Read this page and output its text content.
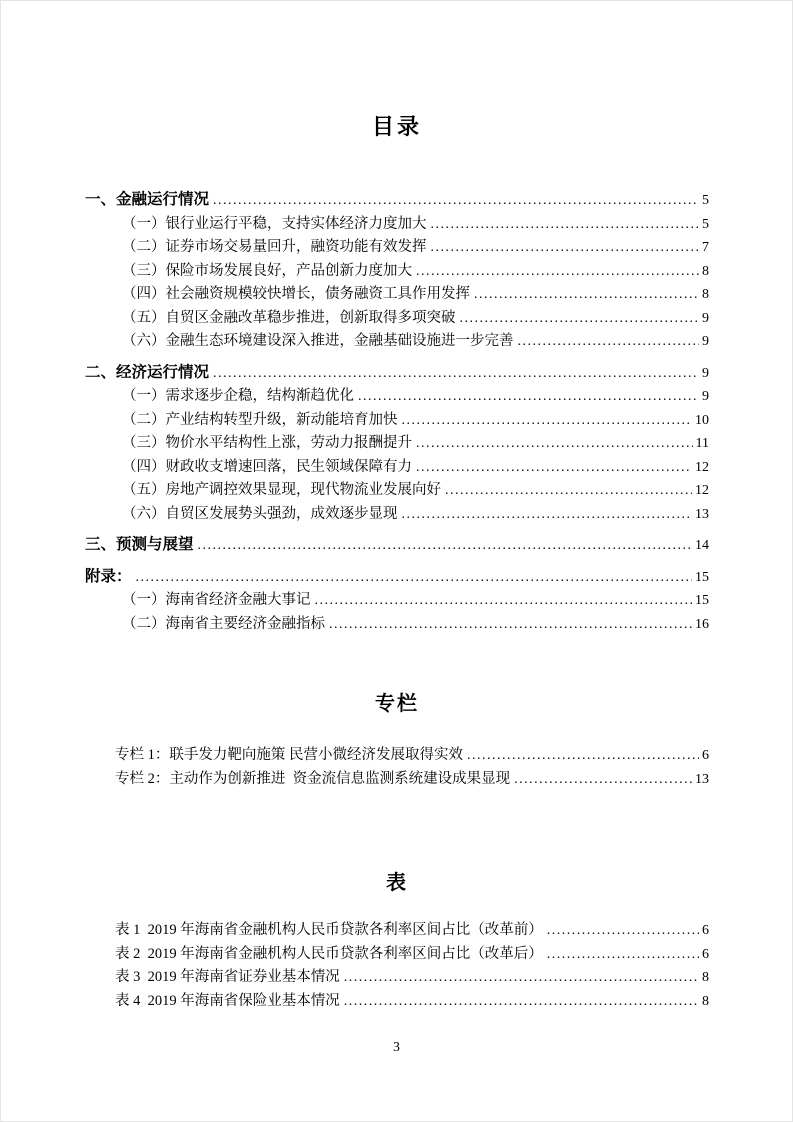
目录
一、金融运行情况 .....	5
（一）银行业运行平稳，支持实体经济力度加大 .....	5
（二）证券市场交易量回升，融资功能有效发挥 .....	7
（三）保险市场发展良好，产品创新力度加大 .....	8
（四）社会融资规模较快增长，债务融资工具作用发挥 .....	8
（五）自贸区金融改革稳步推进，创新取得多项突破 .....	9
（六）金融生态环境建设深入推进，金融基础设施进一步完善 .....	9
二、经济运行情况 .....	9
（一）需求逐步企稳，结构渐趋优化 .....	9
（二）产业结构转型升级，新动能培育加快 .....	10
（三）物价水平结构性上涨，劳动力报酬提升 .....	11
（四）财政收支增速回落，民生领域保障有力 .....	12
（五）房地产调控效果显现，现代物流业发展向好 .....	12
（六）自贸区发展势头强劲，成效逐步显现 .....	13
三、预测与展望 .....	14
附录： .....	15
（一）海南省经济金融大事记 .....	15
（二）海南省主要经济金融指标 .....	16
专栏
专栏 1：联手发力靶向施策 民营小微经济发展取得实效 .....	6
专栏 2：主动作为创新推进  资金流信息监测系统建设成果显现 .....	13
表
表 1  2019 年海南省金融机构人民币贷款各利率区间占比（改革前） .....	6
表 2  2019 年海南省金融机构人民币贷款各利率区间占比（改革后） .....	6
表 3  2019 年海南省证券业基本情况 .....	8
表 4  2019 年海南省保险业基本情况 .....	8
3
